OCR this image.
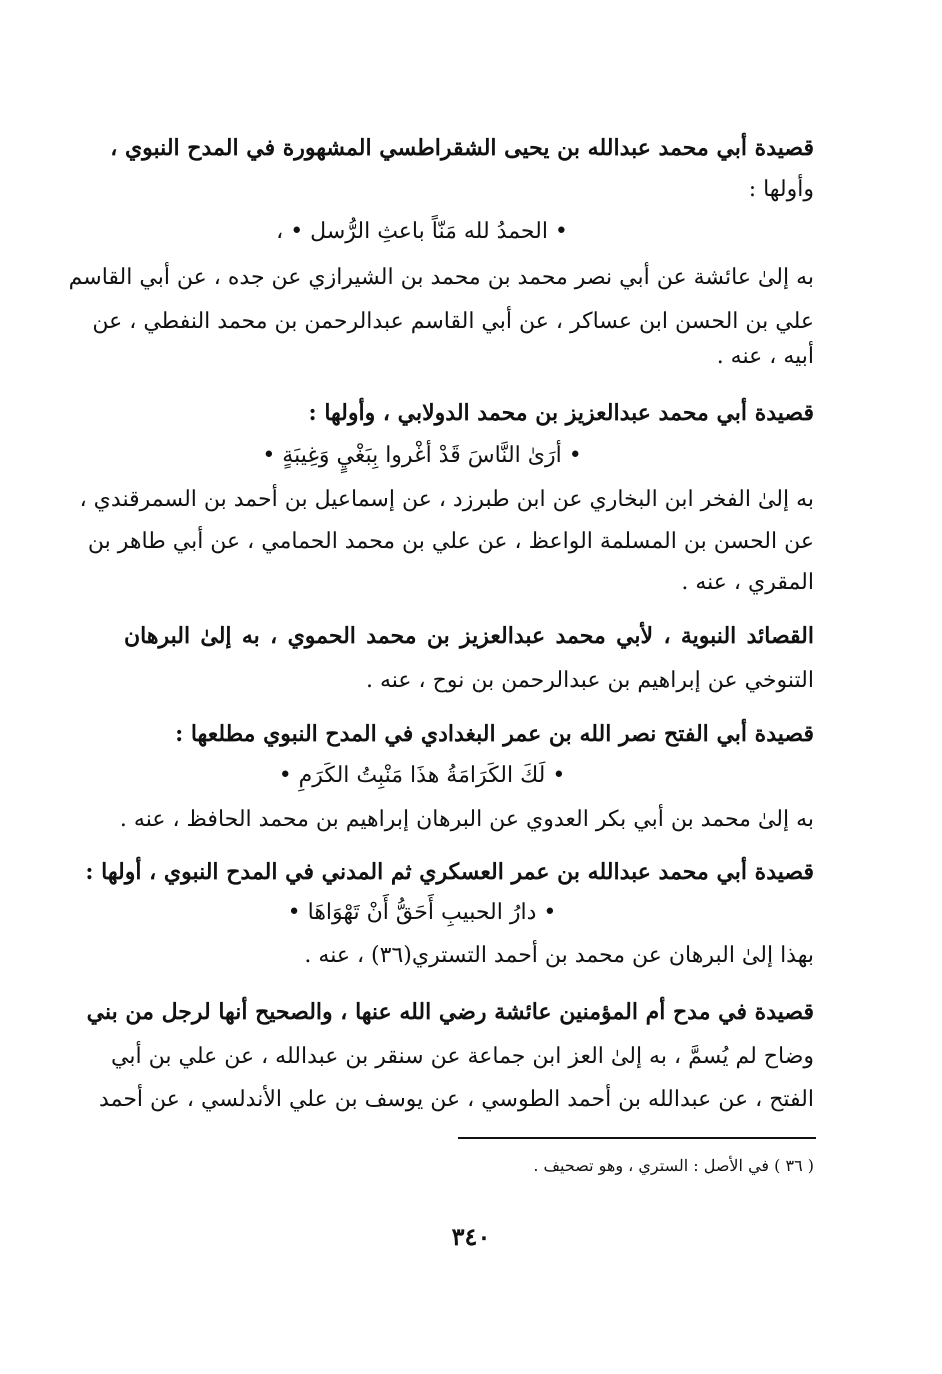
قصيدة أبي محمد عبدالله بن يحيى الشقراطسي المشهورة في المدح النبوي ،
وأولها :
• الحمدُ لله مَنّاً باعثِ الرُّسل • ،
به إلىٰ عائشة عن أبي نصر محمد بن محمد بن الشيرازي عن جده ، عن أبي القاسم
علي بن الحسن ابن عساكر ، عن أبي القاسم عبدالرحمن بن محمد النفطي ، عن
أبيه ، عنه .
قصيدة أبي محمد عبدالعزيز بن محمد الدولابي ، وأولها :
• أرَىٰ النَّاسَ قَدْ أغْروا بِبَغْيٍ وَغِيبَةٍ •
به إلىٰ الفخر ابن البخاري عن ابن طبرزد ، عن إسماعيل بن أحمد بن السمرقندي ،
عن الحسن بن المسلمة الواعظ ، عن علي بن محمد الحمامي ، عن أبي طاهر بن
المقري ، عنه .
القصائد النبوية ، لأبي محمد عبدالعزيز بن محمد الحموي ، به إلىٰ البرهان
التنوخي عن إبراهيم بن عبدالرحمن بن نوح ، عنه .
قصيدة أبي الفتح نصر الله بن عمر البغدادي في المدح النبوي مطلعها :
• لَكَ الكَرَامَةُ هذَا مَنْبِتُ الكَرَمِ •
به إلىٰ محمد بن أبي بكر العدوي عن البرهان إبراهيم بن محمد الحافظ ، عنه .
قصيدة أبي محمد عبدالله بن عمر العسكري ثم المدني في المدح النبوي ، أولها :
• دارُ الحبيبِ أَحَقُّ أَنْ تَهْوَاهَا •
بهذا إلىٰ البرهان عن محمد بن أحمد التستري(٣٦) ، عنه .
قصيدة في مدح أم المؤمنين عائشة رضي الله عنها ، والصحيح أنها لرجل من بني
وضاح لم يُسمَّ ، به إلىٰ العز ابن جماعة عن سنقر بن عبدالله ، عن علي بن أبي
الفتح ، عن عبدالله بن أحمد الطوسي ، عن يوسف بن علي الأندلسي ، عن أحمد
( ٣٦ ) في الأصل : الستري ، وهو تصحيف .
٣٤٠
